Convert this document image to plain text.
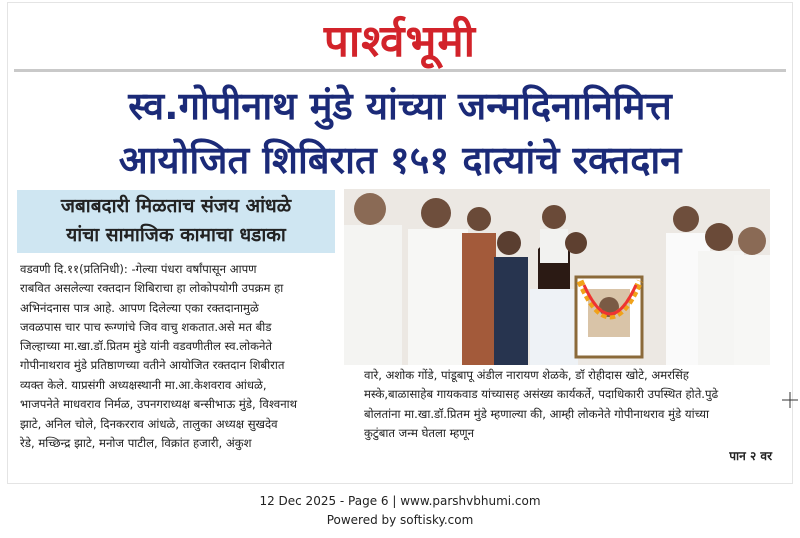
पार्श्वभूमी
स्व.गोपीनाथ मुंडे यांच्या जन्मदिनानिमित्त
आयोजित शिबिरात १५१ दात्यांचे रक्तदान
जबाबदारी मिळताच संजय आंधळे
यांचा सामाजिक कामाचा धडाका
वडवणी दि.११(प्रतिनिधी): -गेल्या पंधरा वर्षांपासून आपण
राबवित असलेल्या रक्तदान शिबिराचा हा लोकोपयोगी उपक्रम हा
अभिनंदनास पात्र आहे. आपण दिलेल्या एका रक्तदानामुळे
जवळपास चार पाच रूग्णांचे जिव वाचु शकतात.असे मत बीड
जिल्हाच्या मा.खा.डॉ.प्रितम मुंडे यांनी वडवणीतील स्व.लोकनेते
गोपीनाथराव मुंडे प्रतिष्ठाणच्या वतीने आयोजित रक्तदान शिबीरात
व्यक्त केले. याप्रसंगी अध्यक्षस्थानी मा.आ.केशवराव आंधळे,
भाजपनेते माधवराव निर्मळ, उपनगराध्यक्ष बन्सीभाऊ मुंडे, विश्वनाथ
झाटे, अनिल चोले, दिनकरराव आंधळे, तालुका अध्यक्ष सुखदेव
रेडे, मच्छिन्द्र झाटे, मनोज पाटील, विक्रांत हजारी, अंकुश
वारे, अशोक गोंडे, पांडूबापू अंडील नारायण शेळके, डॉ रोहीदास खोटे, अमरसिंह
मस्के,बाळासाहेब गायकवाड यांच्यासह असंख्य कार्यकर्ते, पदाधिकारी उपस्थित होते.पुढे
बोलतांना मा.खा.डॉ.प्रितम मुंडे म्हणाल्या की, आम्ही लोकनेते गोपीनाथराव मुंडे यांच्या
कुटुंबात जन्म घेतला म्हणून
पान २ वर
12 Dec 2025 - Page 6 | www.parshvbhumi.com
Powered by softisky.com
